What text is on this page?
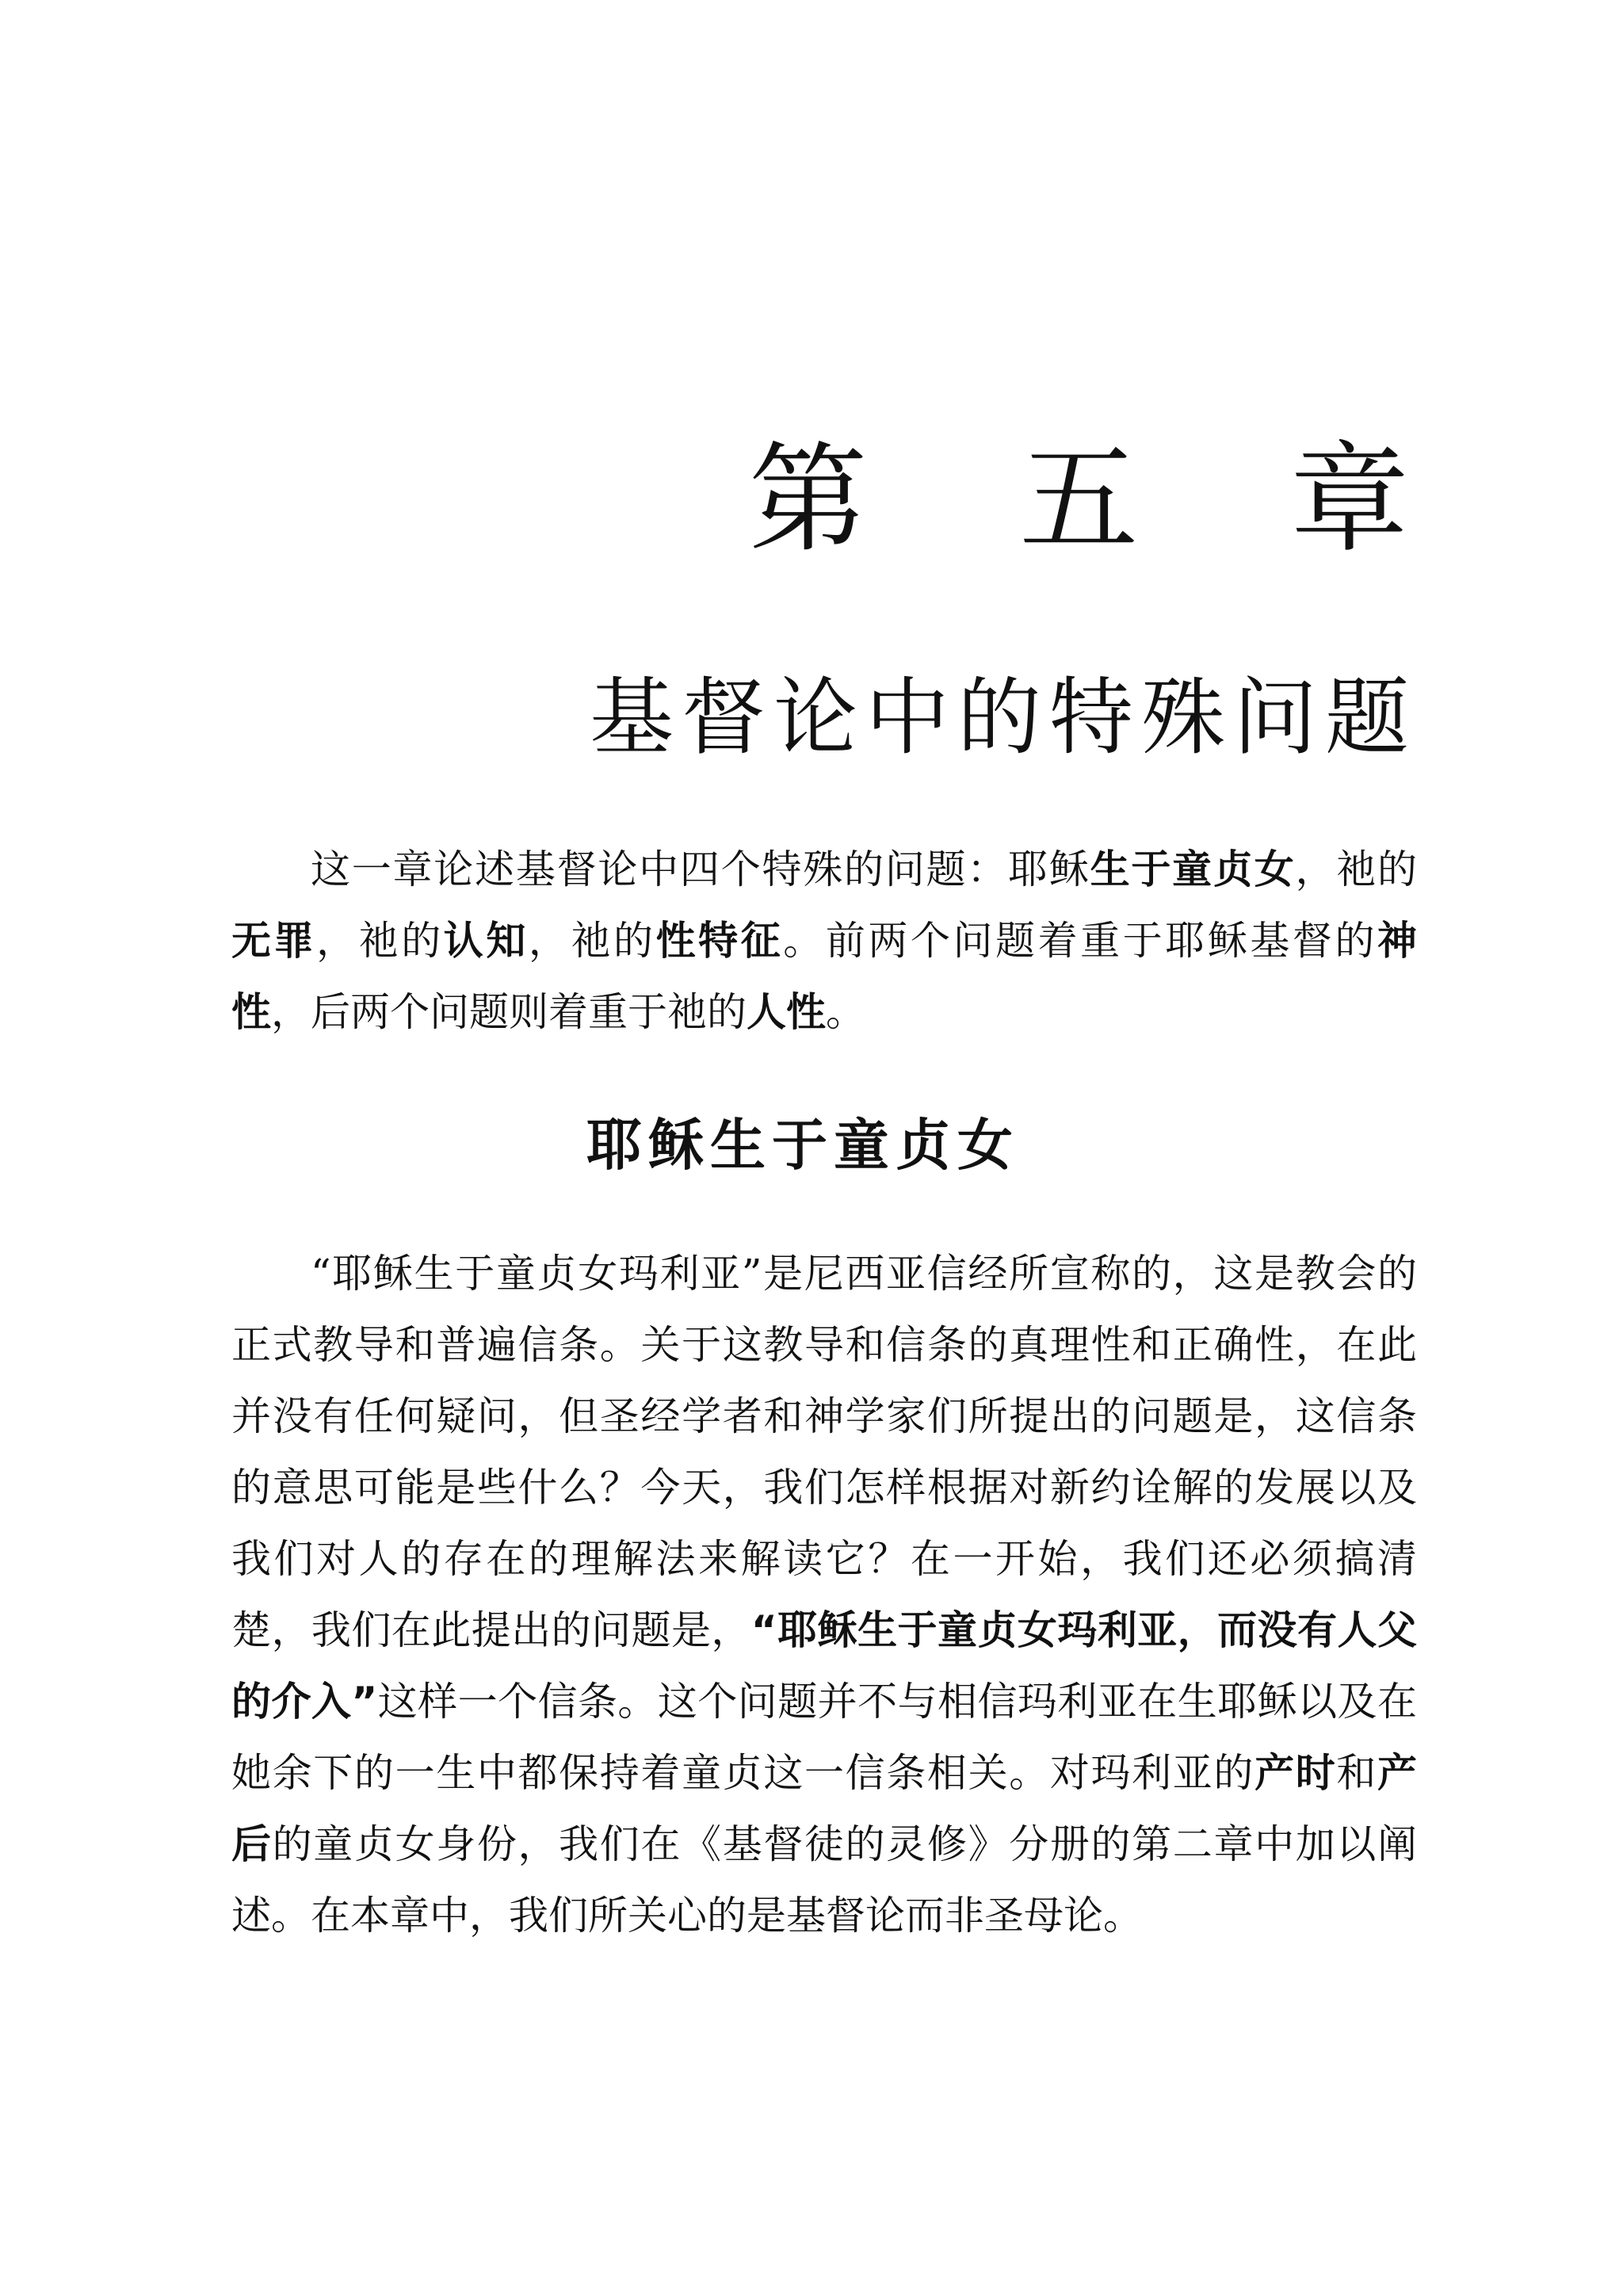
第 五 章
基督论中的特殊问题

这一章论述基督论中四个特殊的问题：耶稣生于童贞女，祂的无罪，祂的认知，祂的性特征。前两个问题着重于耶稣基督的神性，后两个问题则着重于祂的人性。

耶稣生于童贞女

“耶稣生于童贞女玛利亚”是尼西亚信经所宣称的，这是教会的正式教导和普遍信条。关于这教导和信条的真理性和正确性，在此并没有任何疑问，但圣经学者和神学家们所提出的问题是，这信条的意思可能是些什么？今天，我们怎样根据对新约诠解的发展以及我们对人的存在的理解法来解读它？在一开始，我们还必须搞清楚，我们在此提出的问题是，“耶稣生于童贞女玛利亚，而没有人父的介入”这样一个信条。这个问题并不与相信玛利亚在生耶稣以及在她余下的一生中都保持着童贞这一信条相关。对玛利亚的产时和产后的童贞女身份，我们在《基督徒的灵修》分册的第二章中加以阐述。在本章中，我们所关心的是基督论而非圣母论。
